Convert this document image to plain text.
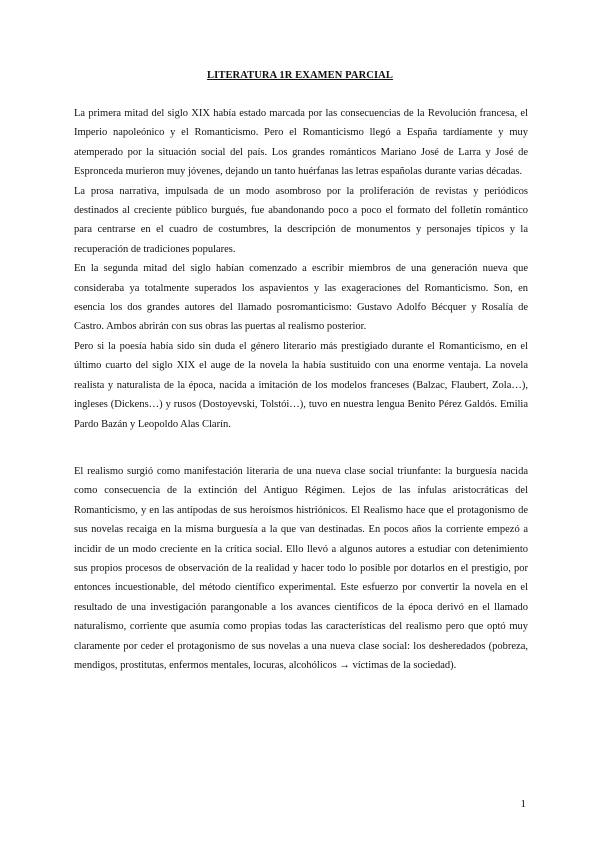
LITERATURA 1R EXAMEN PARCIAL

La primera mitad del siglo XIX había estado marcada por las consecuencias de la Revolución francesa, el Imperio napoleónico y el Romanticismo. Pero el Romanticismo llegó a España tardíamente y muy atemperado por la situación social del país. Los grandes románticos Mariano José de Larra y José de Espronceda murieron muy jóvenes, dejando un tanto huérfanas las letras españolas durante varias décadas.

La prosa narrativa, impulsada de un modo asombroso por la proliferación de revistas y periódicos destinados al creciente público burgués, fue abandonando poco a poco el formato del folletín romántico para centrarse en el cuadro de costumbres, la descripción de monumentos y personajes típicos y la recuperación de tradiciones populares.

En la segunda mitad del siglo habían comenzado a escribir miembros de una generación nueva que consideraba ya totalmente superados los aspavientos y las exageraciones del Romanticismo. Son, en esencia los dos grandes autores del llamado posromanticismo: Gustavo Adolfo Bécquer y Rosalía de Castro. Ambos abrirán con sus obras las puertas al realismo posterior.

Pero si la poesía había sido sin duda el género literario más prestigiado durante el Romanticismo, en el último cuarto del siglo XIX el auge de la novela la había sustituido con una enorme ventaja. La novela realista y naturalista de la época, nacida a imitación de los modelos franceses (Balzac, Flaubert, Zola…), ingleses (Dickens…) y rusos (Dostoyevski, Tolstói…), tuvo en nuestra lengua Benito Pérez Galdós. Emilia Pardo Bazán y Leopoldo Alas Clarín.

El realismo surgió como manifestación literaria de una nueva clase social triunfante: la burguesía nacida como consecuencia de la extinción del Antiguo Régimen. Lejos de las ínfulas aristocráticas del Romanticismo, y en las antípodas de sus heroísmos histriónicos. El Realismo hace que el protagonismo de sus novelas recaiga en la misma burguesía a la que van destinadas. En pocos años la corriente empezó a incidir de un modo creciente en la crítica social. Ello llevó a algunos autores a estudiar con detenimiento sus propios procesos de observación de la realidad y hacer todo lo posible por dotarlos en el prestigio, por entonces incuestionable, del método científico experimental. Este esfuerzo por convertir la novela en el resultado de una investigación parangonable a los avances científicos de la época derivó en el llamado naturalismo, corriente que asumía como propias todas las características del realismo pero que optó muy claramente por ceder el protagonismo de sus novelas a una nueva clase social: los desheredados (pobreza, mendigos, prostitutas, enfermos mentales, locuras, alcohólicos → víctimas de la sociedad).

1
